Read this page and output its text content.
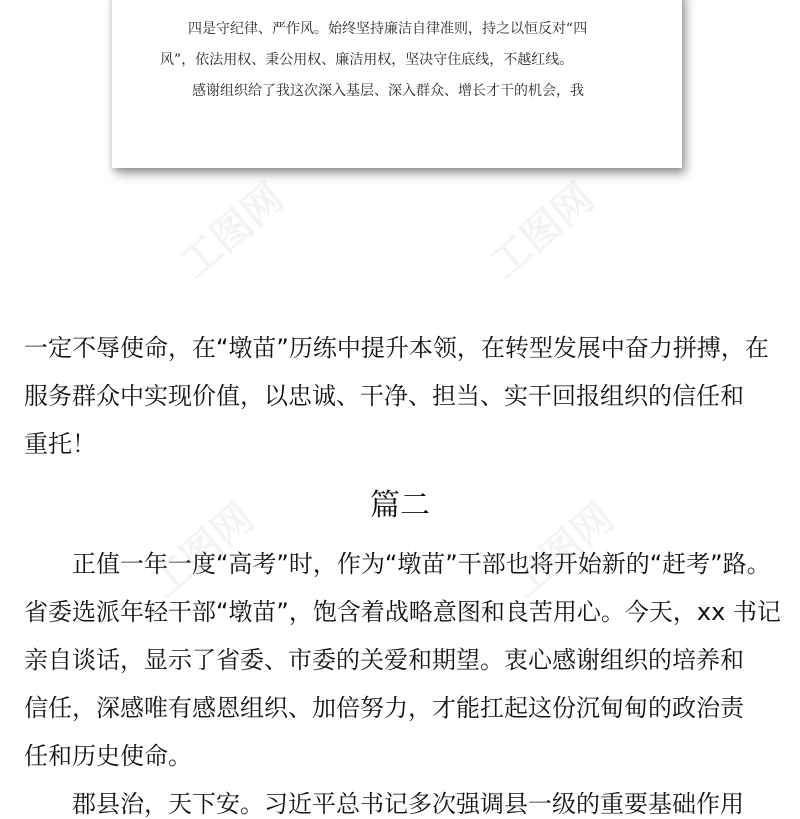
工图网	工图网
工图网	工图网
四是守纪律、严作风。始终坚持廉洁自律准则，持之以恒反对“四
风”，依法用权、秉公用权、廉洁用权，坚决守住底线，不越红线。
感谢组织给了我这次深入基层、深入群众、增长才干的机会，我
一定不辱使命，在“墩苗”历练中提升本领，在转型发展中奋力拼搏，在
服务群众中实现价值，以忠诚、干净、担当、实干回报组织的信任和
重托！
篇二
正值一年一度“高考”时，作为“墩苗”干部也将开始新的“赶考”路。
省委选派年轻干部“墩苗”，饱含着战略意图和良苦用心。今天，xx 书记
亲自谈话，显示了省委、市委的关爱和期望。衷心感谢组织的培养和
信任，深感唯有感恩组织、加倍努力，才能扛起这份沉甸甸的政治责
任和历史使命。
郡县治，天下安。习近平总书记多次强调县一级的重要基础作用
